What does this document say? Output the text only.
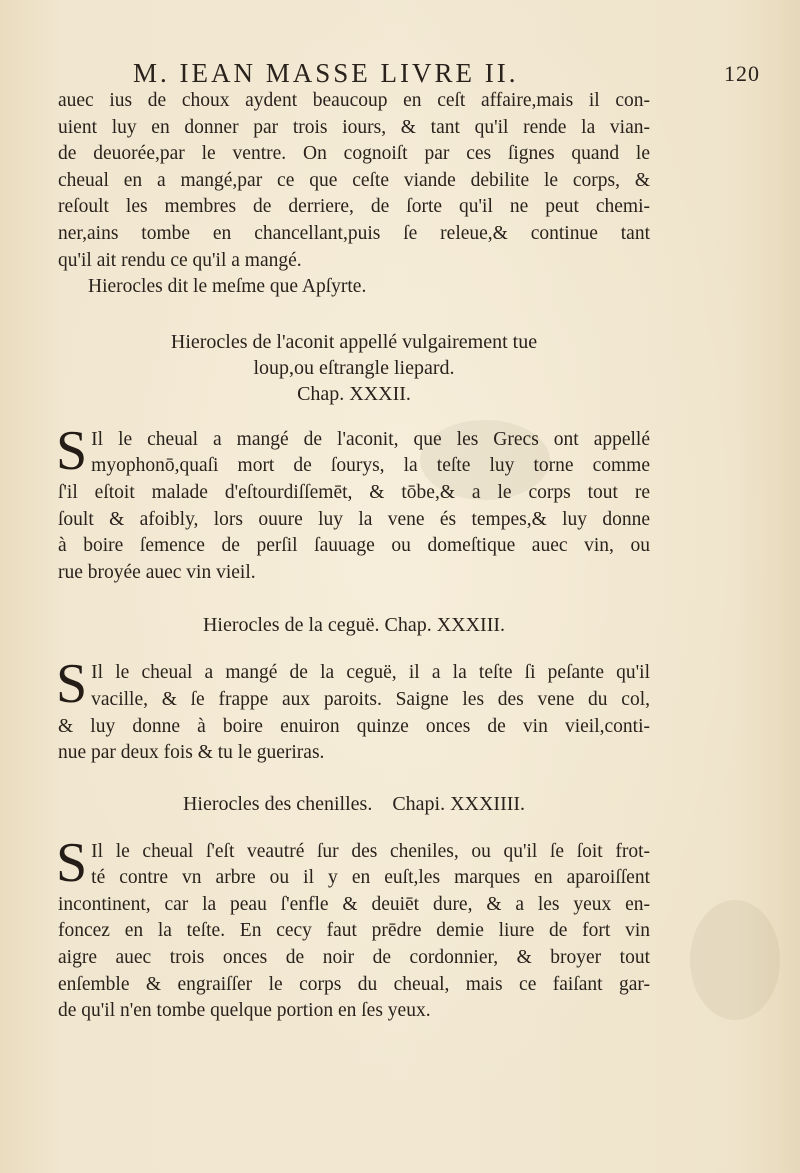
M. IEAN MASSE LIVRE II.	120

auec ius de choux aydent beaucoup en ceſt affaire,mais il con-
uient luy en donner par trois iours, & tant qu'il rende la vian-
de deuorée,par le ventre. On cognoiſt par ces ſignes quand le
cheual en a mangé,par ce que ceſte viande debilite le corps, &
reſoult les membres de derriere, de ſorte qu'il ne peut chemi-
ner,ains tombe en chancellant,puis ſe releue,& continue tant
qu'il ait rendu ce qu'il a mangé.

Hierocles dit le meſme que Apſyrte.

Hierocles de l'aconit appellé vulgairement tue
loup,ou eſtrangle liepard.
Chap. XXXII.

S Il le cheual a mangé de l'aconit, que les Grecs ont appellé
myophonō,quaſi mort de ſourys, la teſte luy torne comme
ſ'il eſtoit malade d'eſtourdiſſemēt, & tōbe,& a le corps tout re
ſoult & afoibly, lors ouure luy la vene és tempes,& luy donne
à boire ſemence de perſil ſauuage ou domeſtique auec vin, ou
rue broyée auec vin vieil.

Hierocles de la ceguë. Chap. XXXIII.

S Il le cheual a mangé de la ceguë, il a la teſte ſi peſante qu'il
vacille, & ſe frappe aux paroits. Saigne les des vene du col,
& luy donne à boire enuiron quinze onces de vin vieil,conti-
nue par deux fois & tu le gueriras.

Hierocles des chenilles.    Chapi. XXXIIII.

S Il le cheual ſ'eſt veautré ſur des cheniles, ou qu'il ſe ſoit frot-
té contre vn arbre ou il y en euſt,les marques en aparoiſſent
incontinent, car la peau ſ'enfle & deuiēt dure, & a les yeux en-
foncez en la teſte. En cecy faut prēdre demie liure de fort vin
aigre auec trois onces de noir de cordonnier, & broyer tout
enſemble & engraiſſer le corps du cheual, mais ce faiſant gar-
de qu'il n'en tombe quelque portion en ſes yeux.
